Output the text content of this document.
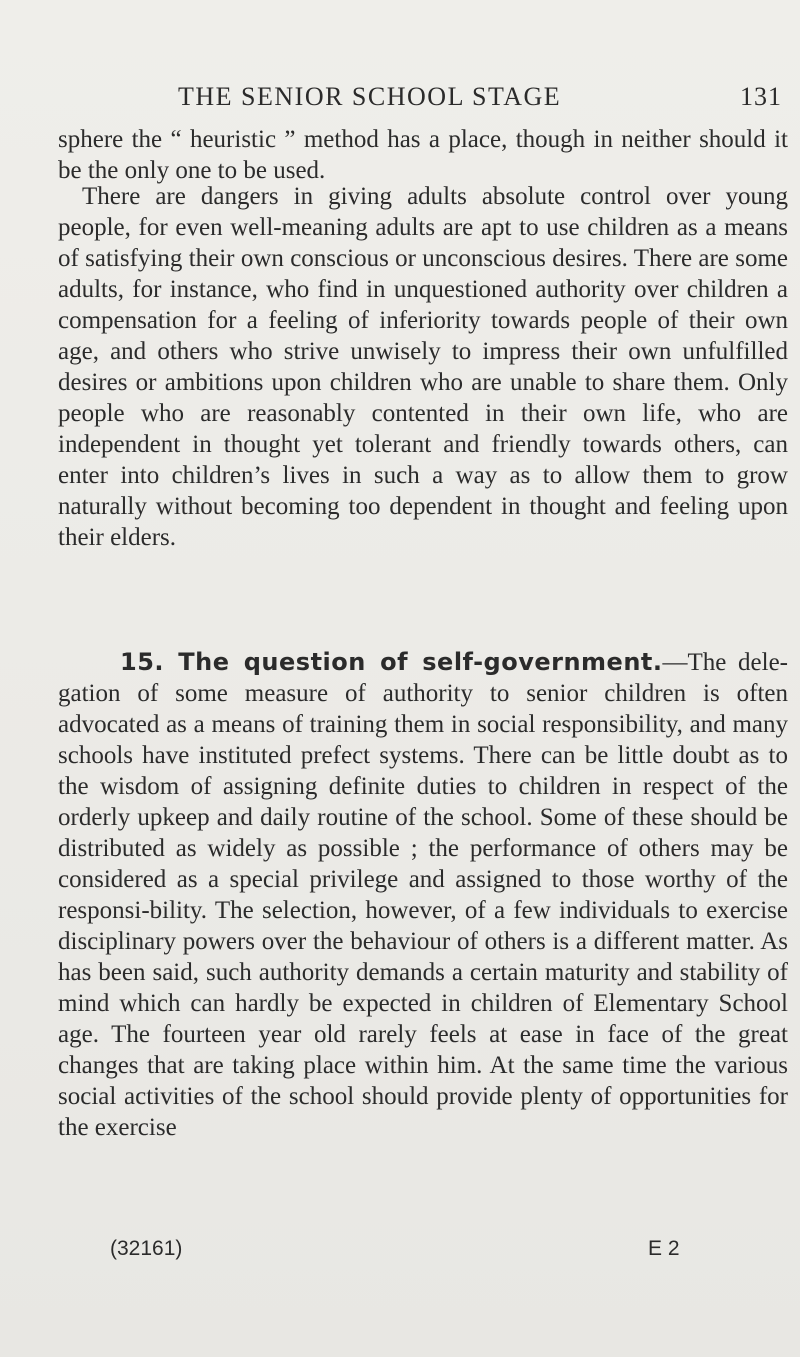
THE SENIOR SCHOOL STAGE	131
sphere the “ heuristic ” method has a place, though in neither should it be the only one to be used.
There are dangers in giving adults absolute control over young people, for even well-meaning adults are apt to use children as a means of satisfying their own conscious or unconscious desires. There are some adults, for instance, who find in unquestioned authority over children a compensation for a feeling of inferiority towards people of their own age, and others who strive unwisely to impress their own unfulfilled desires or ambitions upon children who are unable to share them. Only people who are reasonably contented in their own life, who are independent in thought yet tolerant and friendly towards others, can enter into children’s lives in such a way as to allow them to grow naturally without becoming too dependent in thought and feeling upon their elders.
15. The question of self-government.—The dele-gation of some measure of authority to senior children is often advocated as a means of training them in social responsibility, and many schools have instituted prefect systems. There can be little doubt as to the wisdom of assigning definite duties to children in respect of the orderly upkeep and daily routine of the school. Some of these should be distributed as widely as possible ; the performance of others may be considered as a special privilege and assigned to those worthy of the responsi-bility. The selection, however, of a few individuals to exercise disciplinary powers over the behaviour of others is a different matter. As has been said, such authority demands a certain maturity and stability of mind which can hardly be expected in children of Elementary School age. The fourteen year old rarely feels at ease in face of the great changes that are taking place within him. At the same time the various social activities of the school should provide plenty of opportunities for the exercise
(32161)	E 2
